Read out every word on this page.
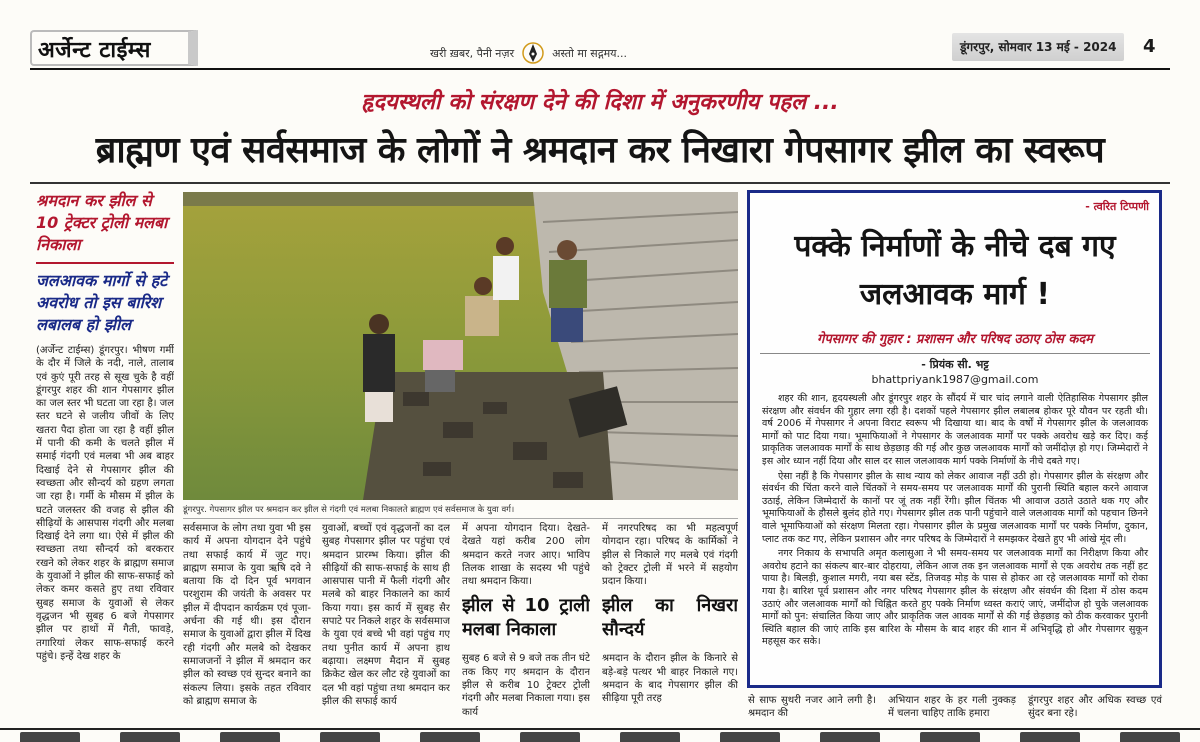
अर्जेन्ट टाईम्स	खरी ख़बर, पैनी नज़र	अस्तो मा सद्गमय...	डूंगरपुर, सोमवार 13 मई - 2024 4
हृदयस्थली को संरक्षण देने की दिशा में अनुकरणीय पहल ...
ब्राह्मण एवं सर्वसमाज के लोगों ने श्रमदान कर निखारा गेपसागर झील का स्वरूप
श्रमदान कर झील से 10 ट्रेक्टर ट्रोली मलबा निकाला
जलआवक मार्गो से हटे अवरोध तो इस बारिश लबालब हो झील
(अर्जेन्ट टाईम्स) डूंगरपुर। भीषण गर्मी के दौर में जिले के नदी, नाले, तालाब एवं कुएं पूरी तरह से सूख चुके है वहीं डूंगरपुर शहर की शान गेपसागर झील का जल स्तर भी घटता जा रहा है। जल स्तर घटने से जलीय जीवों के लिए खतरा पैदा होता जा रहा है वहीं झील में पानी की कमी के चलते झील में समाई गंदगी एवं मलबा भी अब बाहर दिखाई देने से गेपसागर झील की स्वच्छता और सौन्दर्य को ग्रहण लगता जा रहा है। गर्मी के मौसम में झील के घटते जलस्तर की वजह से झील की सीढ़ियों के आसपास गंदगी और मलबा दिखाई देने लगा था। ऐसे में झील की स्वच्छता तथा सौन्दर्य को बरकरार रखने को लेकर शहर के ब्राह्मण समाज के युवाओं ने झील की साफ-सफाई को लेकर कमर कसते हुए तथा रविवार सुबह समाज के युवाओं से लेकर वृद्धजन भी सुबह 6 बजे गेपसागर झील पर हाथों में गैती, फावड़े, तगारियां लेकर साफ-सफाई करने पहुंचे। इन्हें देख शहर के
डूंगरपुर. गेपसागर झील पर श्रमदान कर झील से गंदगी एवं मलबा निकालते ब्राह्मण एवं सर्वसमाज के युवा वर्ग।
सर्वसमाज के लोग तथा युवा भी इस कार्य में अपना योगदान देने पहुंचे तथा सफाई कार्य में जुट गए। ब्राह्मण समाज के युवा ऋषि दवे ने बताया कि दो दिन पूर्व भगवान परशुराम की जयंती के अवसर पर झील में दीपदान कार्यक्रम एवं पूजा-अर्चना की गई थी। इस दौरान समाज के युवाओं द्वारा झील में दिख रही गंदगी और मलबे को देखकर समाजजनों ने झील में श्रमदान कर झील को स्वच्छ एवं सुन्दर बनाने का संकल्प लिया। इसके तहत रविवार को ब्राह्मण समाज के
युवाओं, बच्चों एवं वृद्धजनों का दल सुबह गेपसागर झील पर पहुंचा एवं श्रमदान प्रारम्भ किया। झील की सीढ़ियों की साफ-सफाई के साथ ही आसपास पानी में फैली गंदगी और मलबे को बाहर निकालने का कार्य किया गया। इस कार्य में सुबह सैर सपाटे पर निकले शहर के सर्वसमाज के युवा एवं बच्चे भी वहां पहुंच गए तथा पुनीत कार्य में अपना हाथ बढ़ाया। लक्ष्मण मैदान में सुबह क्रिकेट खेल कर लौट रहे युवाओं का दल भी वहां पहुंचा तथा श्रमदान कर झील की सफाई कार्य
में अपना योगदान दिया। देखते-देखते यहां करीब 200 लोग श्रमदान करते नजर आए। भाविप तिलक शाखा के सदस्य भी पहुंचे तथा श्रमदान किया।
झील से 10 ट्राली मलबा निकाला
सुबह 6 बजे से 9 बजे तक तीन घंटे तक किए गए श्रमदान के दौरान झील से करीब 10 ट्रेक्टर ट्रोली गंदगी और मलबा निकाला गया। इस कार्य
में नगरपरिषद का भी महत्वपूर्ण योगदान रहा। परिषद के कार्मिकों ने झील से निकाले गए मलबे एवं गंदगी को ट्रेक्टर ट्रोली में भरने में सहयोग प्रदान किया।
झील का निखरा सौन्दर्य
श्रमदान के दौरान झील के किनारे से बड़े-बड़े पत्थर भी बाहर निकाले गए। श्रमदान के बाद गेपसागर झील की सीढ़िया पूरी तरह
- त्वरित टिप्पणी
पक्के निर्माणों के नीचे दब गए जलआवक मार्ग !
गेपसागर की गुहार : प्रशासन और परिषद उठाए ठोस कदम
- प्रियंक सी. भट्ट
bhattpriyank1987@gmail.com

शहर की शान, हृदयस्थली और डूंगरपुर शहर के सौंदर्य में चार चांद लगाने वाली ऐतिहासिक गेपसागर झील संरक्षण और संवर्धन की गुहार लगा रही है। दशकों पहले गेपसागर झील लबालब होकर पूरे यौवन पर रहती थी। वर्ष 2006 में गेपसागर ने अपना विराट स्वरूप भी दिखाया था। बाद के वर्षों में गेपसागर झील के जलआवक मार्गों को पाट दिया गया। भूमाफियाओं ने गेपसागर के जलआवक मार्गों पर पक्के अवरोध खड़े कर दिए। कई प्राकृतिक जलआवक मार्गों के साथ छेड़छाड़ की गई और कुछ जलआवक मार्गों को जमींदोज़ हो गए। जिम्मेदारों ने इस ओर ध्यान नहीं दिया और साल दर साल जलआवक मार्ग पक्के निर्माणों के नीचे दबते गए।

ऐसा नहीं है कि गेपसागर झील के साथ न्याय को लेकर आवाज नहीं उठी हो। गेपसागर झील के संरक्षण और संवर्धन की चिंता करने वाले चिंतकों ने समय-समय पर जलआवक मार्गों की पुरानी स्थिति बहाल करने आवाज उठाई, लेकिन जिम्मेदारों के कानों पर जूं तक नहीं रेंगी। झील चिंतक भी आवाज उठाते उठाते थक गए और भूमाफियाओं के हौसले बुलंद होते गए। गेपसागर झील तक पानी पहुंचाने वाले जलआवक मार्गों को पहचान छिनने वाले भूमाफियाओं को संरक्षण मिलता रहा। गेपसागर झील के प्रमुख जलआवक मार्गों पर पक्के निर्माण, दुकान, प्लाट तक कट गए, लेकिन प्रशासन और नगर परिषद के जिम्मेदारों ने समझकर देखते हुए भी आंखे मूंद ली।

नगर निकाय के सभापति अमृत कलासुआ ने भी समय-समय पर जलआवक मार्गों का निरीक्षण किया और अवरोध हटाने का संकल्प बार-बार दोहराया, लेकिन आज तक इन जलआवक मार्गों से एक अवरोध तक नहीं हट पाया है। बिलड़ी, कुशाल मगरी, नया बस स्टेंड, तिजवड़ मोड़ के पास से होकर आ रहे जलआवक मार्गों को रोका गया है। बारिश पूर्व प्रशासन और नगर परिषद गेपसागर झील के संरक्षण और संवर्धन की दिशा में ठोस कदम उठाएं और जलआवक मार्गों को चिह्नित करते हुए पक्के निर्माण ध्वस्त कराएं जाएं, जमींदोज हो चुके जलआवक मार्गों को पुन: संचालित किया जाए और प्राकृतिक जल आवक मार्गों से की गई छेड़छाड़ को ठीक करवाकर पुरानी स्थिति बहाल की जाएं ताकि इस बारिश के मौसम के बाद शहर की शान में अभिवृद्धि हो और गेपसागर सुकून महसूस कर सके।

से साफ सुथरी नजर आने लगी है। श्रमदान की
अभियान शहर के हर गली नुक्कड़ में चलना चाहिए ताकि हमारा
डूंगरपुर शहर और अधिक स्वच्छ एवं सुंदर बना रहे।
